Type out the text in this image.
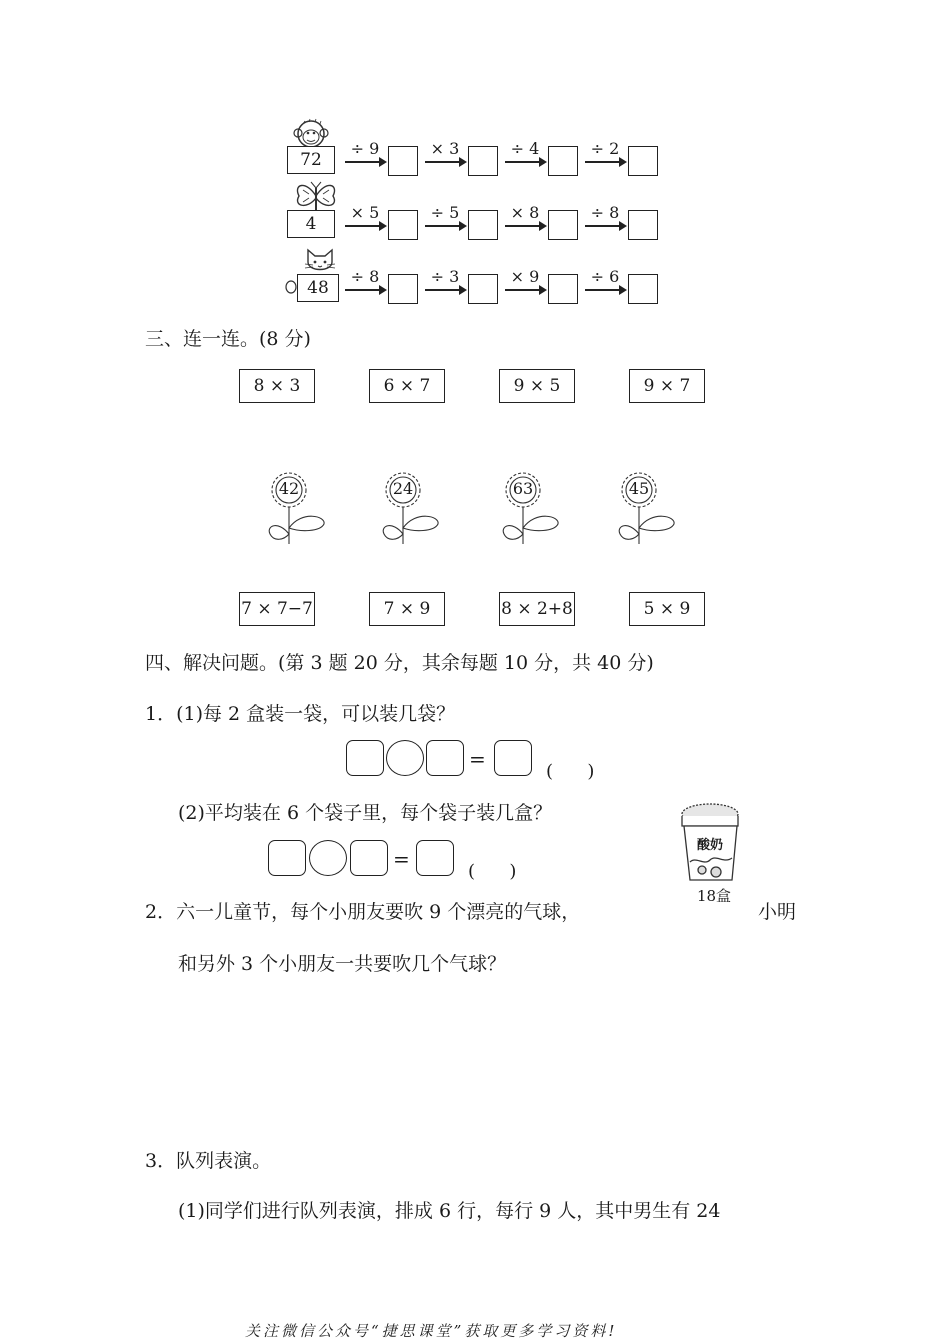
72
÷ 9	× 3	÷ 4	÷ 2
4
× 5	÷ 5	× 8	÷ 8
48
÷ 8	÷ 3	× 9	÷ 6
三、连一连。(8 分)
8 × 3	6 × 7	9 × 5	9 × 7
42	24	63	45
7 × 7−7	7 × 9	8 × 2+8	5 × 9
四、解决问题。(第 3 题 20 分，其余每题 10 分，共 40 分)
1．(1)每 2 盒装一袋，可以装几袋？
=
(      )
(2)平均装在 6 个袋子里，每个袋子装几盒？
=
(      )
酸奶
18盒
2．六一儿童节，每个小朋友要吹 9 个漂亮的气球，	小明
和另外 3 个小朋友一共要吹几个气球？
3．队列表演。
(1)同学们进行队列表演，排成 6 行，每行 9 人，其中男生有 24
关注微信公众号“捷思课堂”获取更多学习资料!
